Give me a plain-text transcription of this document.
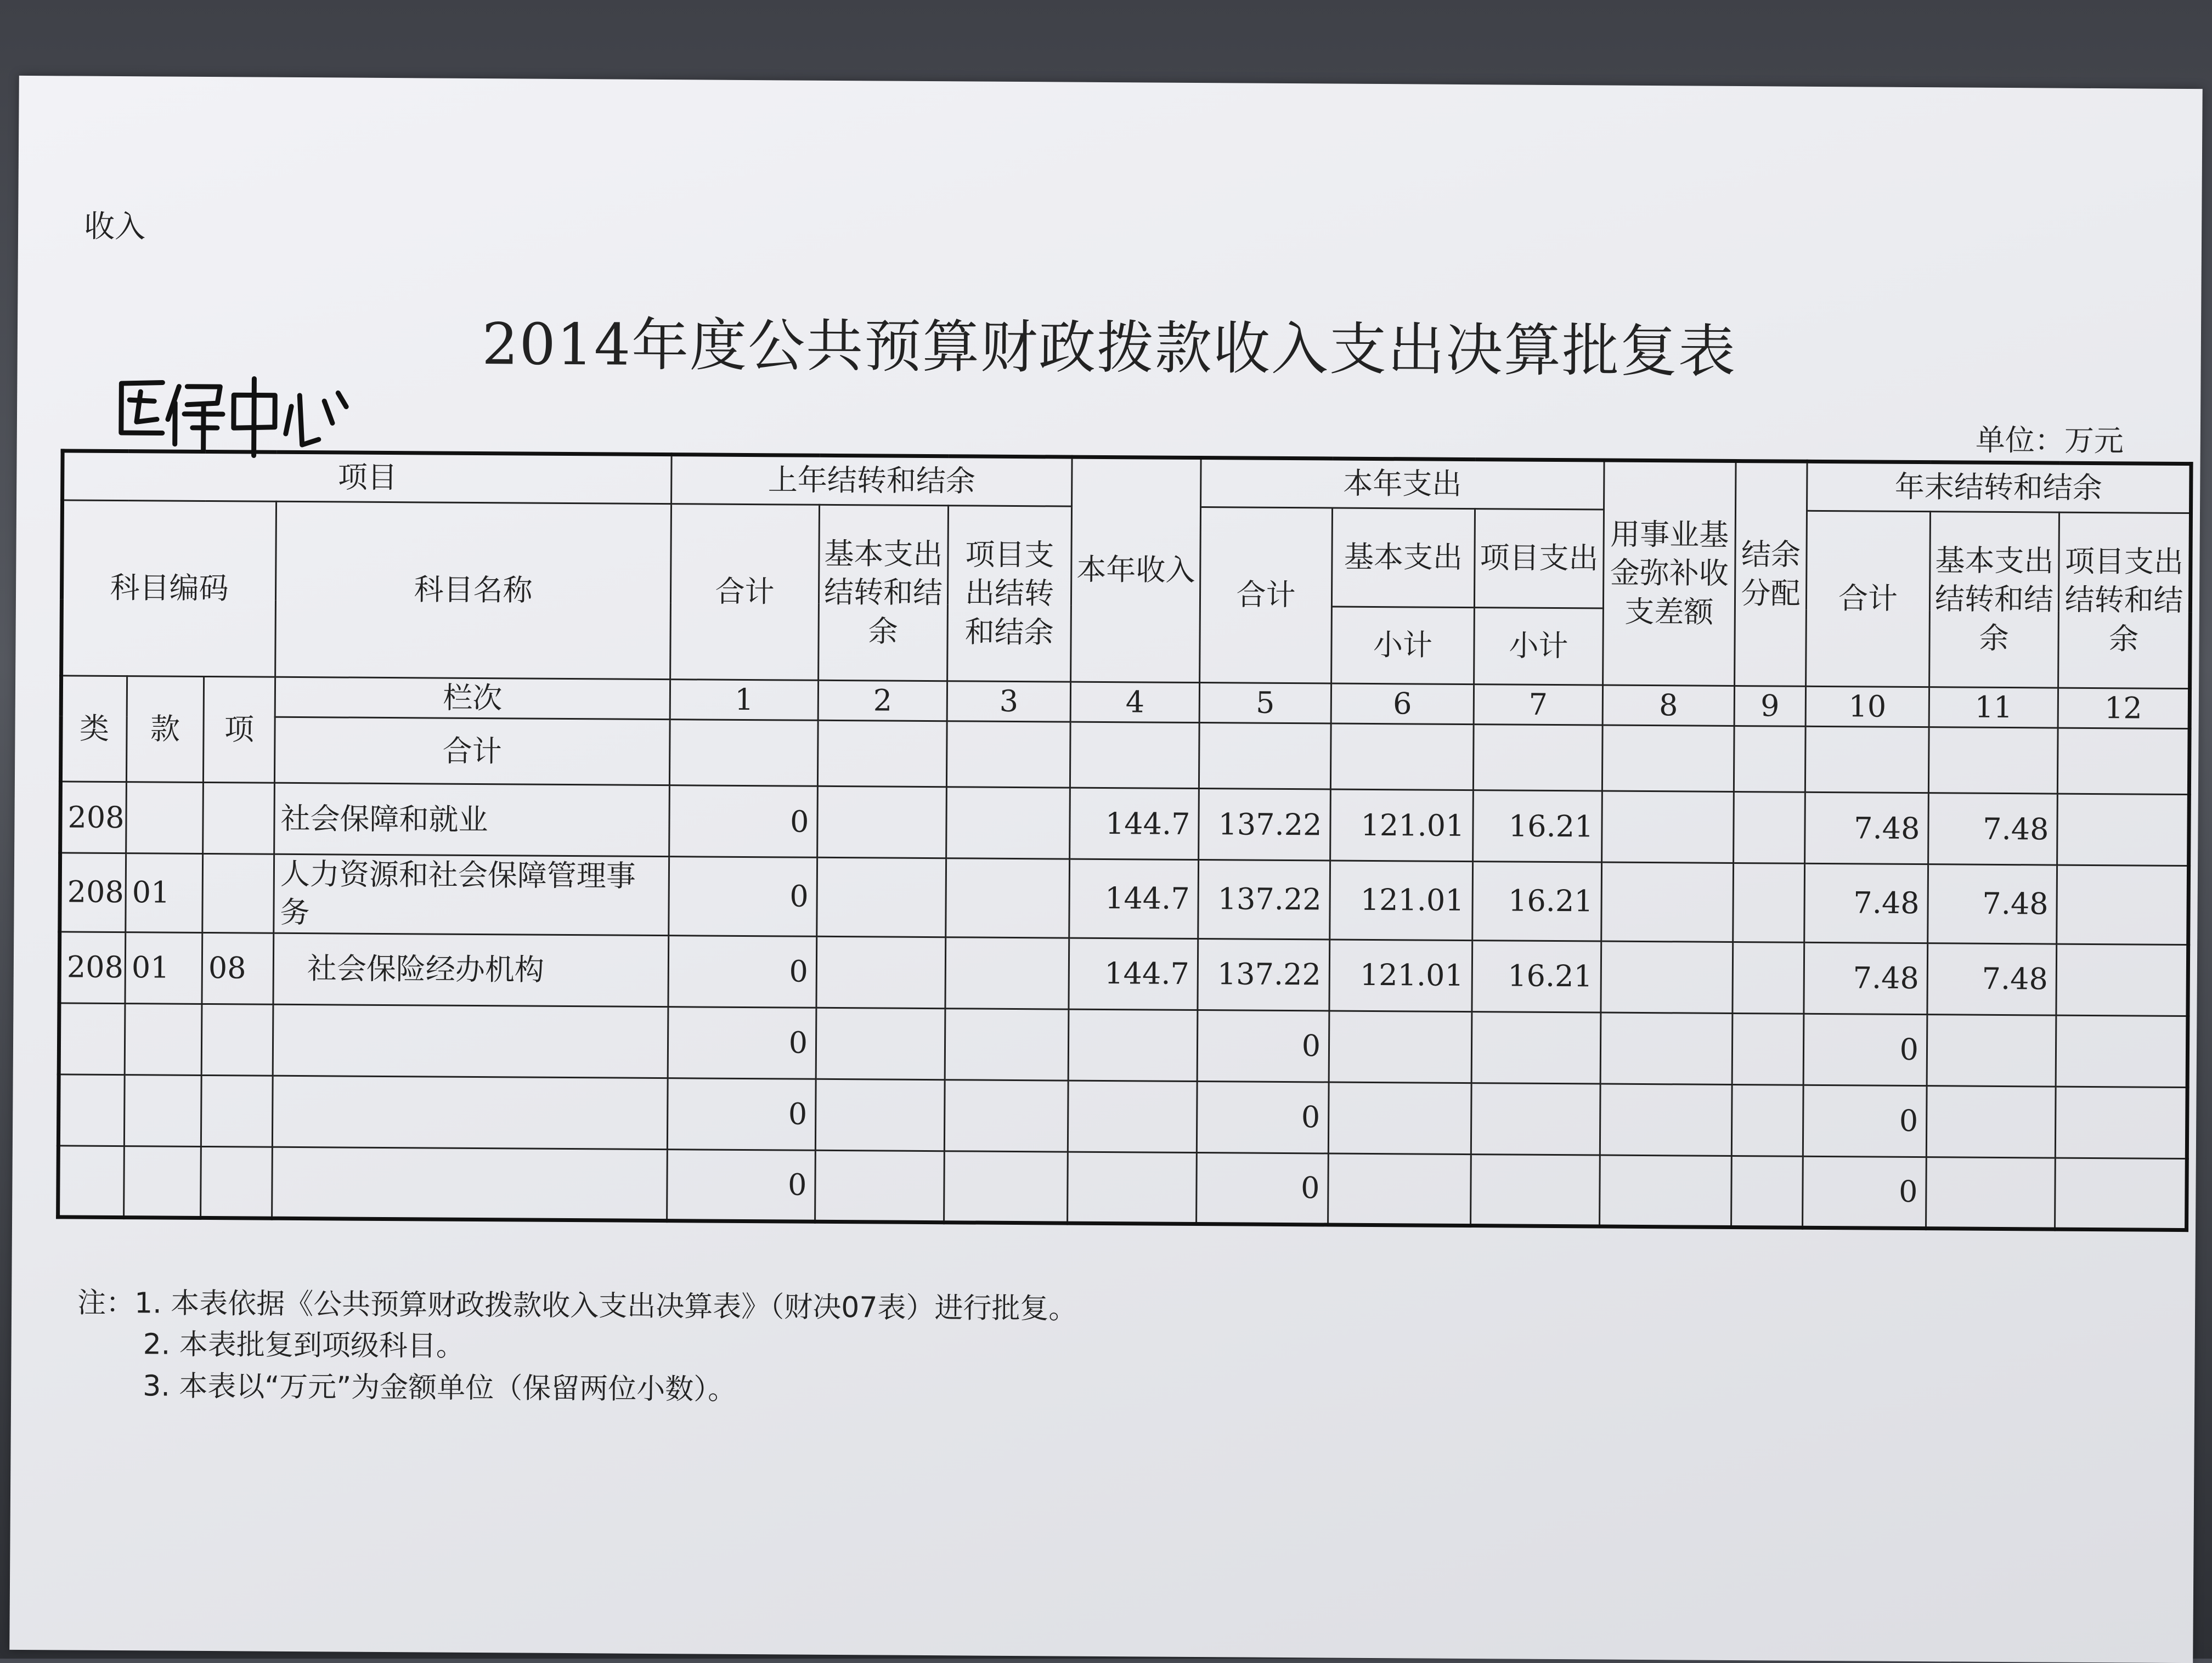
收入
2014年度公共预算财政拨款收入支出决算批复表
单位：万元
项目				上年结转和结余			本年收入	本年支出			用事业基金弥补收支差额	结余分配	年末结转和结余		
科目编码			科目名称	合计	基本支出结转和结余	项目支出结转和结余		合计	基本支出	项目支出			合计	基本支出结转和结余	项目支出结转和结余
									小计	小计					
类	款	项	栏次	1	2	3	4	5	6	7	8	9	10	11	12
			合计												
208			社会保障和就业	0			144.7	137.22	121.01	16.21			7.48	7.48	
208	01		人力资源和社会保障管理事务	0			144.7	137.22	121.01	16.21			7.48	7.48	
208	01	08	社会保险经办机构	0			144.7	137.22	121.01	16.21			7.48	7.48	
				0				0					0		
				0				0					0		
				0				0					0		
注：1. 本表依据《公共预算财政拨款收入支出决算表》（财决07表）进行批复。
2. 本表批复到项级科目。
3. 本表以“万元”为金额单位（保留两位小数）。
